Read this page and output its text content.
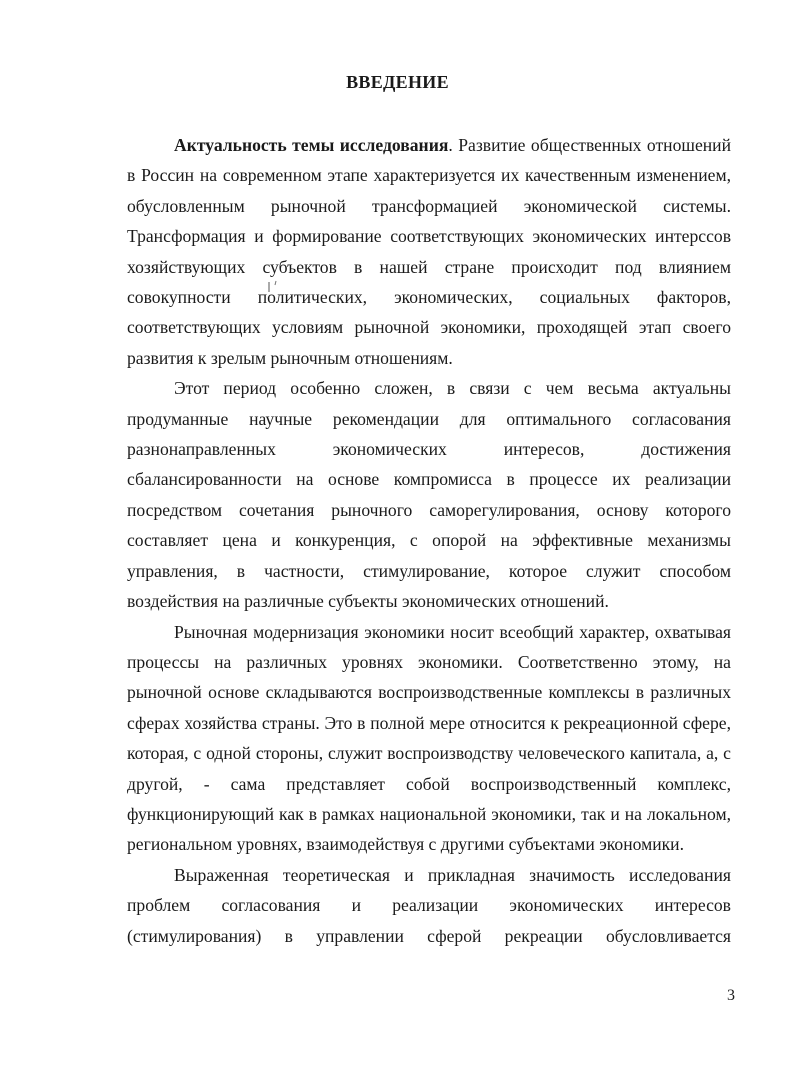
ВВЕДЕНИЕ

Актуальность темы исследования. Развитие общественных отношений в Россин на современном этапе характеризуется их качественным изменением, обусловленным рыночной трансформацией экономической системы. Трансформация и формирование соответствующих экономических интерсcов хозяйствующих субъектов в нашей стране происходит под влиянием совокупности политических, экономических, социальных факторов, соответствующих условиям рыночной экономики, проходящей этап своего развития к зрелым рыночным отношениям.

Этот период особенно сложен, в связи с чем весьма актуальны продуманные научные рекомендации для оптимального согласования разнонаправленных экономических интересов, достижения сбалансированности на основе компромисса в процессе их реализации посредством сочетания рыночного саморегулирования, основу которого составляет цена и конкуренция, с опорой на эффективные механизмы управления, в частности, стимулирование, которое служит способом воздействия на различные субъекты экономических отношений.

Рыночная модернизация экономики носит всеобщий характер, охватывая процессы на различных уровнях экономики. Соответственно этому, на рыночной основе складываются воспроизводственные комплексы в различных сферах хозяйства страны. Это в полной мере относится к рекреационной сфере, которая, с одной стороны, служит воспроизводству человеческого капитала, а, с другой, - сама представляет собой воспроизводственный комплекс, функционирующий как в рамках национальной экономики, так и на локальном, региональном уровнях, взаимодействуя с другими субъектами экономики.

Выраженная теоретическая и прикладная значимость исследования проблем согласования и реализации экономических интересов (стимулирования) в управлении сферой рекреации обусловливается

3
